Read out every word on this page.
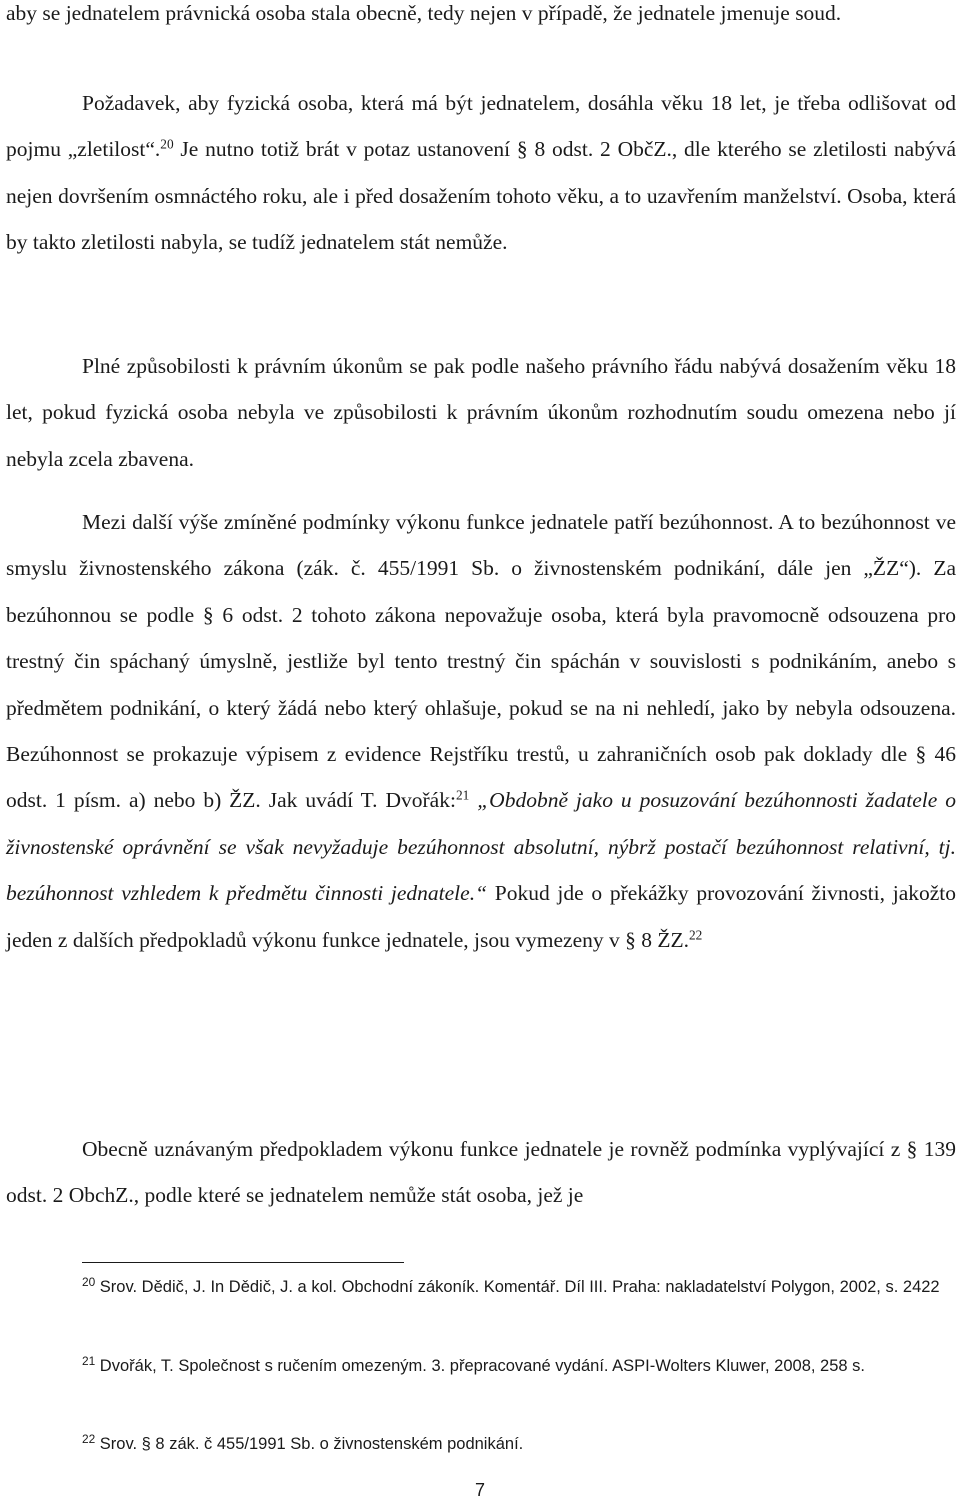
aby se jednatelem právnická osoba stala obecně, tedy nejen v případě, že jednatele jmenuje soud.

Požadavek, aby fyzická osoba, která má být jednatelem, dosáhla věku 18 let, je třeba odlišovat od pojmu „zletilost“.$^{20}$ Je nutno totiž brát v potaz ustanovení § 8 odst. 2 ObčZ., dle kterého se zletilosti nabývá nejen dovršením osmnáctého roku, ale i před dosažením tohoto věku, a to uzavřením manželství. Osoba, která by takto zletilosti nabyla, se tudíž jednatelem stát nemůže.

Plné způsobilosti k právním úkonům se pak podle našeho právního řádu nabývá dosažením věku 18 let, pokud fyzická osoba nebyla ve způsobilosti k právním úkonům rozhodnutím soudu omezena nebo jí nebyla zcela zbavena.

Mezi další výše zmíněné podmínky výkonu funkce jednatele patří bezúhonnost. A to bezúhonnost ve smyslu živnostenského zákona (zák. č. 455/1991 Sb. o živnostenském podnikání, dále jen „ŽZ“). Za bezúhonnou se podle § 6 odst. 2 tohoto zákona nepovažuje osoba, která byla pravomocně odsouzena pro trestný čin spáchaný úmyslně, jestliže byl tento trestný čin spáchán v souvislosti s podnikáním, anebo s předmětem podnikání, o který žádá nebo který ohlašuje, pokud se na ni nehledí, jako by nebyla odsouzena. Bezúhonnost se prokazuje výpisem z evidence Rejstříku trestů, u zahraničních osob pak doklady dle § 46 odst. 1 písm. a) nebo b) ŽZ. Jak uvádí T. Dvořák:$^{21}$ „Obdobně jako u posuzování bezúhonnosti žadatele o živnostenské oprávnění se však nevyžaduje bezúhonnost absolutní, nýbrž postačí bezúhonnost relativní, tj. bezúhonnost vzhledem k předmětu činnosti jednatele.“ Pokud jde o překážky provozování živnosti, jakožto jeden z dalších předpokladů výkonu funkce jednatele, jsou vymezeny v § 8 ŽZ.$^{22}$

Obecně uznávaným předpokladem výkonu funkce jednatele je rovněž podmínka vyplývající z § 139 odst. 2 ObchZ., podle které se jednatelem nemůže stát osoba, jež je

$^{20}$ Srov. Dědič, J. In Dědič, J. a kol. Obchodní zákoník. Komentář. Díl III. Praha: nakladatelství Polygon, 2002, s. 2422

$^{21}$ Dvořák, T. Společnost s ručením omezeným. 3. přepracované vydání. ASPI-Wolters Kluwer, 2008, 258 s.

$^{22}$ Srov. § 8 zák. č 455/1991 Sb. o živnostenském podnikání.

7
